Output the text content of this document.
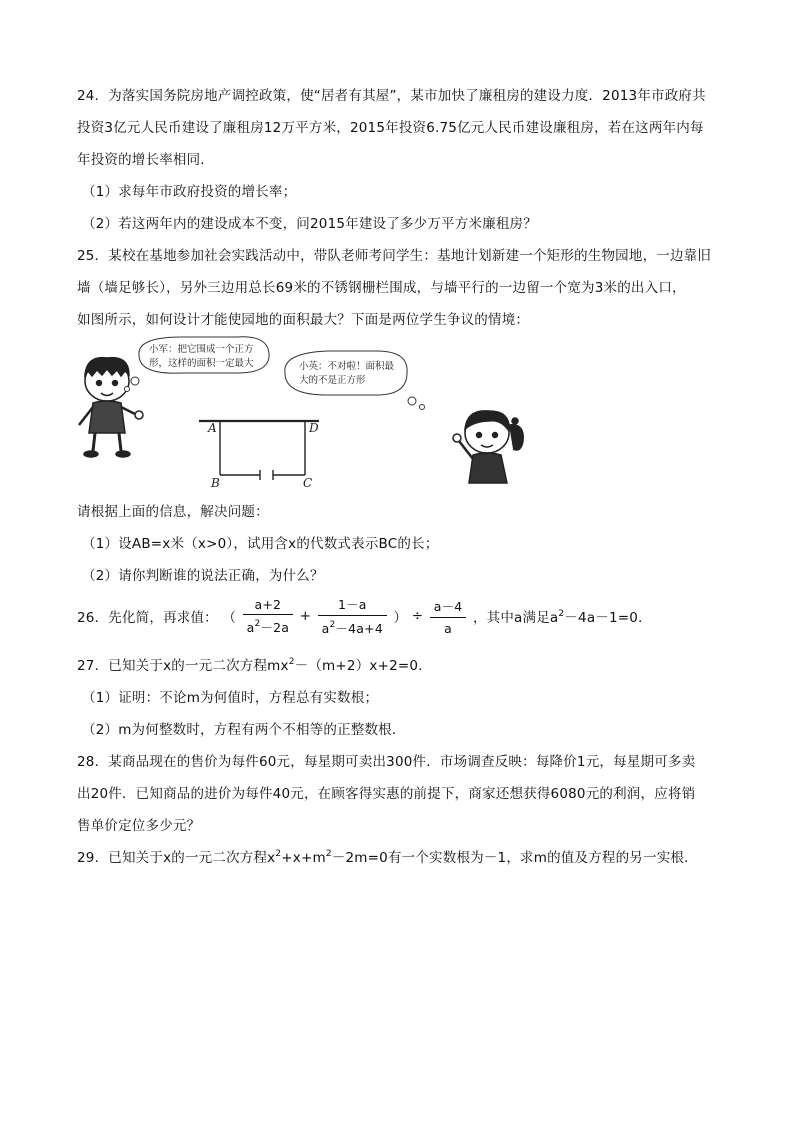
24．为落实国务院房地产调控政策，使“居者有其屋”，某市加快了廉租房的建设力度．2013年市政府共
投资3亿元人民币建设了廉租房12万平方米，2015年投资6.75亿元人民币建设廉租房，若在这两年内每
年投资的增长率相同．
（1）求每年市政府投资的增长率；
（2）若这两年内的建设成本不变，问2015年建设了多少万平方米廉租房？
25．某校在基地参加社会实践活动中，带队老师考问学生：基地计划新建一个矩形的生物园地，一边靠旧
墙（墙足够长），另外三边用总长69米的不锈钢栅栏围成，与墙平行的一边留一个宽为3米的出入口，
如图所示，如何设计才能使园地的面积最大？下面是两位学生争议的情境：
小军：把它围成一个正方
形，这样的面积一定最大	小英：不对啦！面积最
大的不是正方形
A	D
B	C
请根据上面的信息，解决问题：
（1）设AB=x米（x>0），试用含x的代数式表示BC的长；
（2）请你判断谁的说法正确，为什么？
26．先化简，再求值： （ $\frac{a+2}{a^2-2a} + \frac{1-a}{a^2-4a+4}$ ） ÷ $\frac{a-4}{a}$ ，其中a满足$a^2-4a-1=0$．
27．已知关于x的一元二次方程$mx^2-(m+2)x+2=0$．
（1）证明：不论m为何值时，方程总有实数根；
（2）m为何整数时，方程有两个不相等的正整数根．
28．某商品现在的售价为每件60元，每星期可卖出300件．市场调查反映：每降价1元，每星期可多卖
出20件．已知商品的进价为每件40元，在顾客得实惠的前提下，商家还想获得6080元的利润，应将销
售单价定位多少元？
29．已知关于x的一元二次方程$x^2+x+m^2-2m=0$有一个实数根为－1，求m的值及方程的另一实根．
